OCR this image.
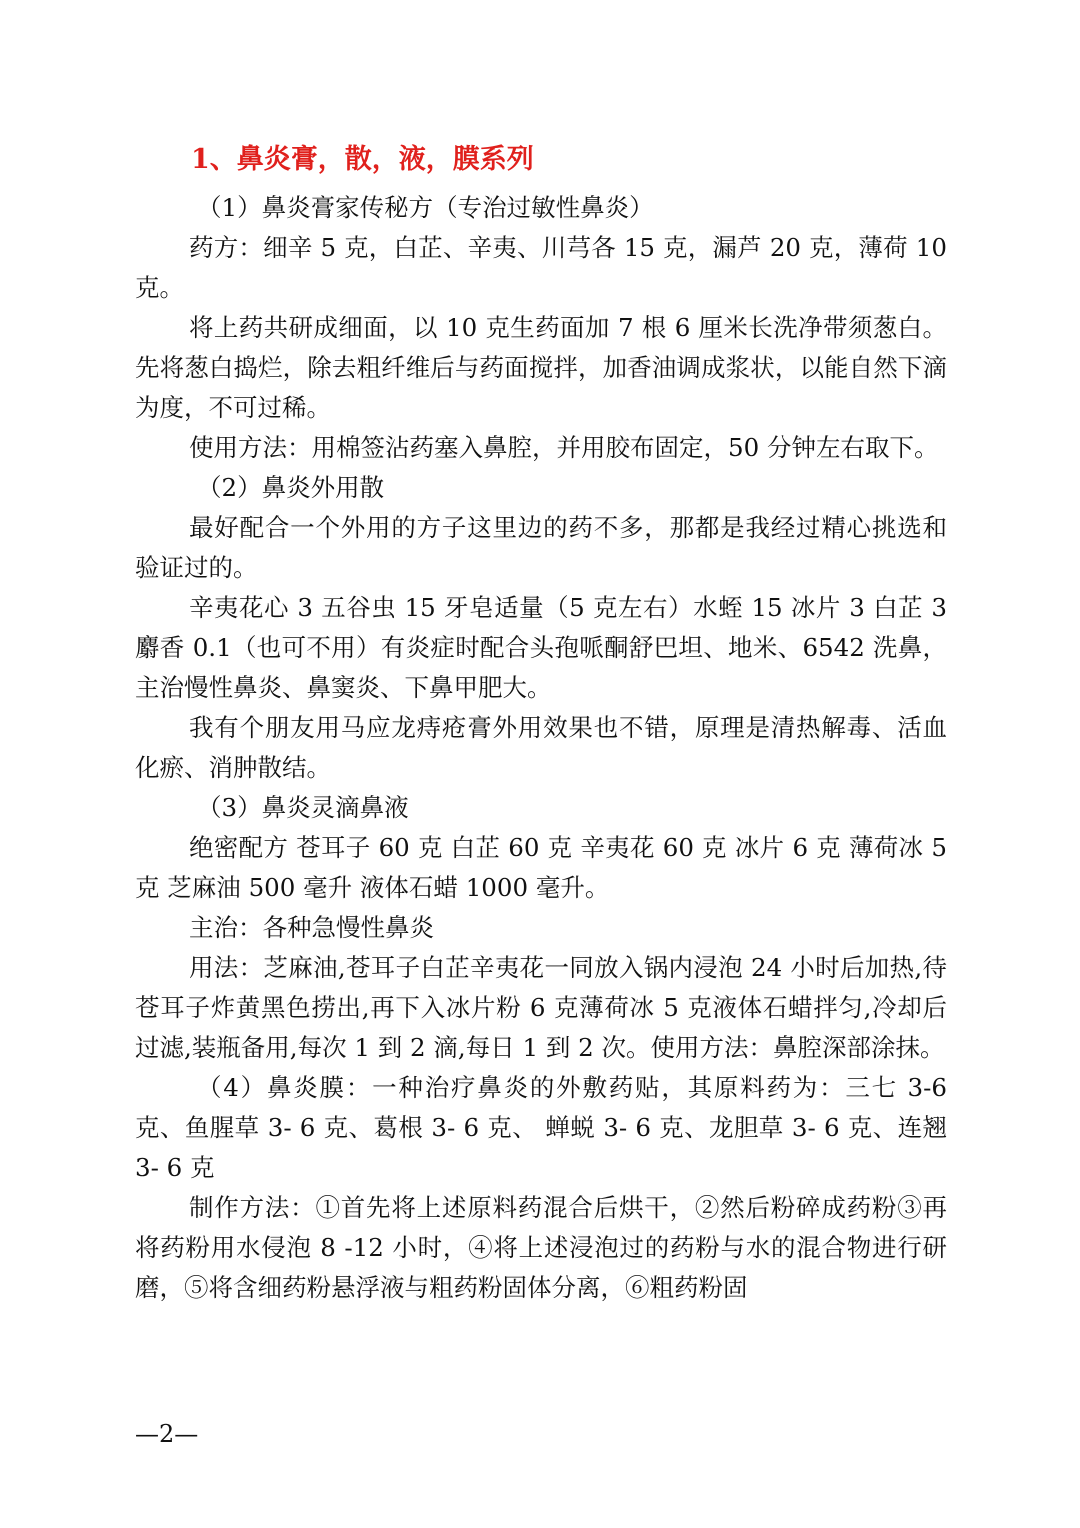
1、鼻炎膏，散，液，膜系列

（1）鼻炎膏家传秘方（专治过敏性鼻炎）

药方：细辛 5 克，白芷、辛夷、川芎各 15 克，漏芦 20 克，薄荷 10 克。

将上药共研成细面，以 10 克生药面加 7 根 6 厘米长洗净带须葱白。先将葱白捣烂，除去粗纤维后与药面搅拌，加香油调成浆状，以能自然下滴为度，不可过稀。

使用方法：用棉签沾药塞入鼻腔，并用胶布固定，50 分钟左右取下。

（2）鼻炎外用散

最好配合一个外用的方子这里边的药不多，那都是我经过精心挑选和验证过的。

辛夷花心 3 五谷虫 15 牙皂适量（5 克左右）水蛭 15 冰片 3 白芷 3 麝香 0.1（也可不用）有炎症时配合头孢哌酮舒巴坦、地米、6542 洗鼻，主治慢性鼻炎、鼻窦炎、下鼻甲肥大。

我有个朋友用马应龙痔疮膏外用效果也不错，原理是清热解毒、活血化瘀、消肿散结。

（3）鼻炎灵滴鼻液

绝密配方 苍耳子 60 克 白芷 60 克 辛夷花 60 克 冰片 6 克 薄荷冰 5 克 芝麻油 500 毫升 液体石蜡 1000 毫升。

主治：各种急慢性鼻炎

用法：芝麻油,苍耳子白芷辛夷花一同放入锅内浸泡 24 小时后加热,待苍耳子炸黄黑色捞出,再下入冰片粉 6 克薄荷冰 5 克液体石蜡拌匀,冷却后过滤,装瓶备用,每次 1 到 2 滴,每日 1 到 2 次。使用方法：鼻腔深部涂抹。

（4）鼻炎膜：一种治疗鼻炎的外敷药贴，其原料药为：三七 3-6 克、鱼腥草 3- 6 克、葛根 3- 6 克、 蝉蜕 3- 6 克、龙胆草 3- 6 克、连翘 3- 6 克

制作方法：①首先将上述原料药混合后烘干，②然后粉碎成药粉③再将药粉用水侵泡 8 -12 小时，④将上述浸泡过的药粉与水的混合物进行研磨，⑤将含细药粉悬浮液与粗药粉固体分离，⑥粗药粉固

—2—
